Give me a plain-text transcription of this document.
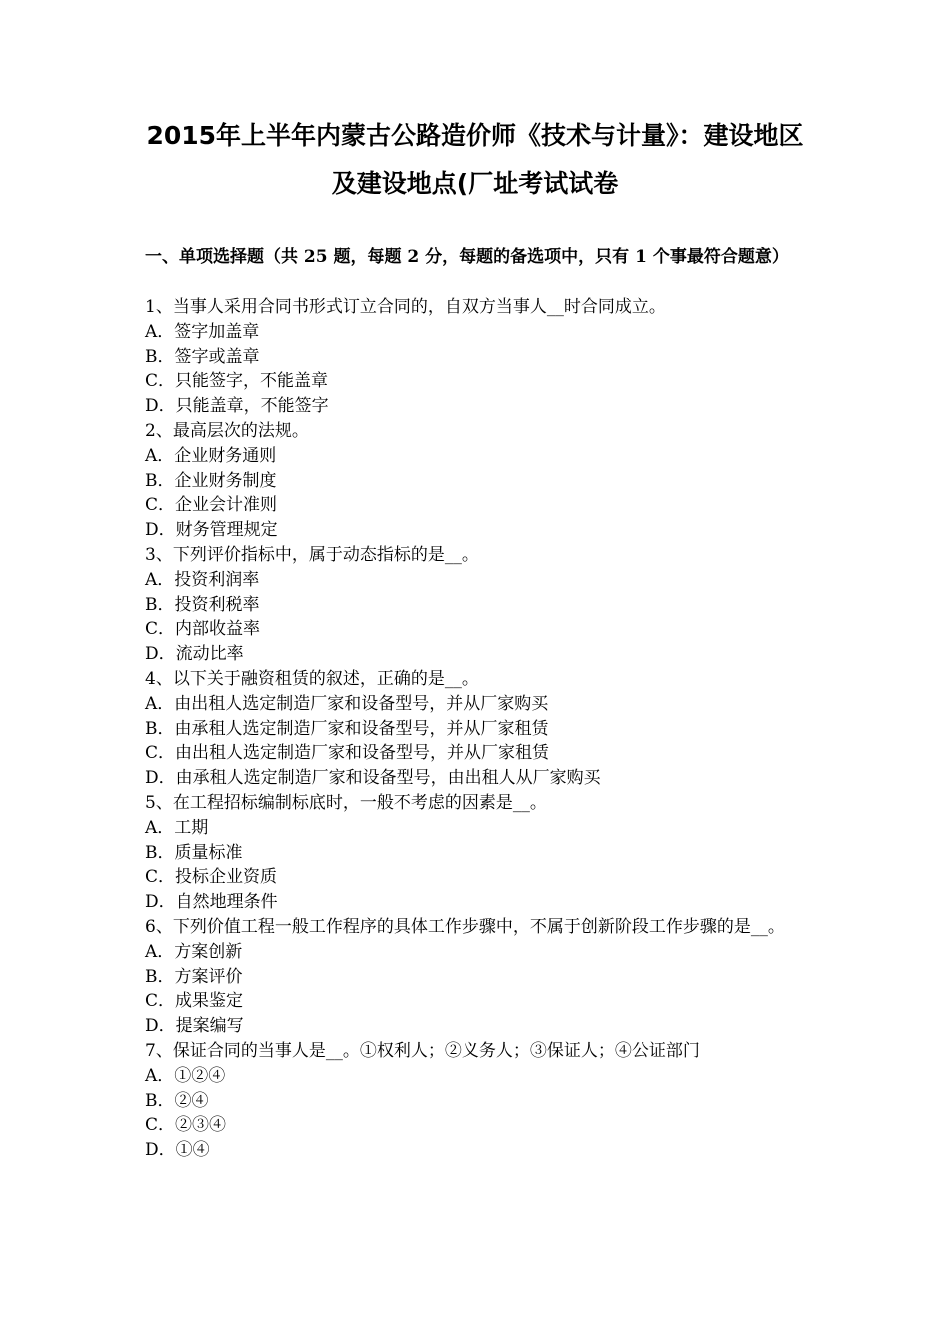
2015年上半年内蒙古公路造价师《技术与计量》：建设地区
及建设地点(厂址考试试卷
一、单项选择题（共 25 题，每题 2 分，每题的备选项中，只有 1 个事最符合题意）
1、当事人采用合同书形式订立合同的，自双方当事人__时合同成立。
A．签字加盖章
B．签字或盖章
C．只能签字，不能盖章
D．只能盖章，不能签字
2、最高层次的法规。
A．企业财务通则
B．企业财务制度
C．企业会计准则
D．财务管理规定
3、下列评价指标中，属于动态指标的是__。
A．投资利润率
B．投资利税率
C．内部收益率
D．流动比率
4、以下关于融资租赁的叙述，正确的是__。
A．由出租人选定制造厂家和设备型号，并从厂家购买
B．由承租人选定制造厂家和设备型号，并从厂家租赁
C．由出租人选定制造厂家和设备型号，并从厂家租赁
D．由承租人选定制造厂家和设备型号，由出租人从厂家购买
5、在工程招标编制标底时，一般不考虑的因素是__。
A．工期
B．质量标准
C．投标企业资质
D．自然地理条件
6、下列价值工程一般工作程序的具体工作步骤中，不属于创新阶段工作步骤的是__。
A．方案创新
B．方案评价
C．成果鉴定
D．提案编写
7、保证合同的当事人是__。①权利人；②义务人；③保证人；④公证部门
A．①②④
B．②④
C．②③④
D．①④
